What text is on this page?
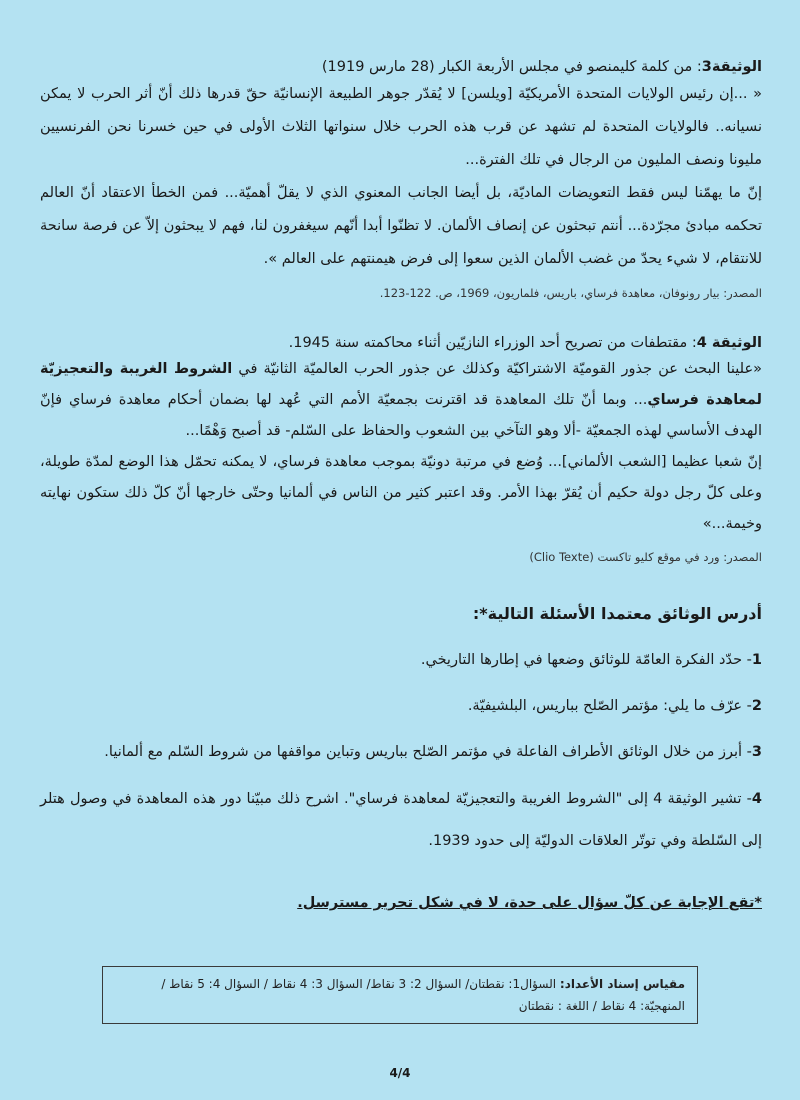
الوثيقة3: من كلمة كليمنصو في مجلس الأربعة الكبار (28 مارس 1919)

« ...إن رئيس الولايات المتحدة الأمريكيّة [ويلسن] لا يُقدّر جوهر الطبيعة الإنسانيّة حقّ قدرها ذلك أنّ أثر الحرب لا يمكن نسيانه.. فالولايات المتحدة لم تشهد عن قرب هذه الحرب خلال سنواتها الثلاث الأولى في حين خسرنا نحن الفرنسيين مليونا ونصف المليون من الرجال في تلك الفترة...

إنّ ما يهمّنا ليس فقط التعويضات الماديّة، بل أيضا الجانب المعنوي الذي لا يقلّ أهميّة... فمن الخطأ الاعتقاد أنّ العالم تحكمه مبادئ مجرّدة... أنتم تبحثون عن إنصاف الألمان. لا تظنّوا أبدا أنّهم سيغفرون لنا، فهم لا يبحثون إلاّ عن فرصة سانحة للانتقام، لا شيء يحدّ من غضب الألمان الذين سعوا إلى فرض هيمنتهم على العالم ».

المصدر: بيار رونوفان، معاهدة فرساي، باريس، فلماريون، 1969، ص. 122-123.
الوثيقة 4: مقتطفات من تصريح أحد الوزراء النازيّين أثناء محاكمته سنة 1945.

«علينا البحث عن جذور القوميّة الاشتراكيّة وكذلك عن جذور الحرب العالميّة الثانيّة في الشروط الغريبة والتعجيزيّة لمعاهدة فرساي... وبما أنّ تلك المعاهدة قد اقترنت بجمعيّة الأمم التي عُهد لها بضمان أحكام معاهدة فرساي فإنّ الهدف الأساسي لهذه الجمعيّة -ألا وهو التآخي بين الشعوب والحفاظ على السّلم- قد أصبح وَهْمًا...

إنّ شعبا عظيما [الشعب الألماني]... وُضع في مرتبة دونيّة بموجب معاهدة فرساي، لا يمكنه تحمّل هذا الوضع لمدّة طويلة، وعلى كلّ رجل دولة حكيم أن يُقرّ بهذا الأمر. وقد اعتبر كثير من الناس في ألمانيا وحتّى خارجها أنّ كلّ ذلك ستكون نهايته وخيمة...»

المصدر: ورد في موقع كليو تاكست (Clio Texte)
أدرس الوثائق معتمدا الأسئلة التالية*:
1- حدّد الفكرة العامّة للوثائق وضعها في إطارها التاريخي.
2- عرّف ما يلي: مؤتمر الصّلح بباريس، البلشيفيّة.
3- أبرز من خلال الوثائق الأطراف الفاعلة في مؤتمر الصّلح بباريس وتباين مواقفها من شروط السّلم مع ألمانيا.
4- تشير الوثيقة 4 إلى "الشروط الغريبة والتعجيزيّة لمعاهدة فرساي". اشرح ذلك مبيّنا دور هذه المعاهدة في وصول هتلر إلى السّلطة وفي توتّر العلاقات الدوليّة إلى حدود 1939.
*تقع الإجابة عن كلّ سؤال على حدة، لا في شكل تحرير مسترسل.
مقياس إسناد الأعداد: السؤال1: نقطتان/ السؤال 2: 3 نقاط/ السؤال 3: 4 نقاط / السؤال 4: 5 نقاط /
المنهجيّة: 4 نقاط / اللغة : نقطتان
4/4
